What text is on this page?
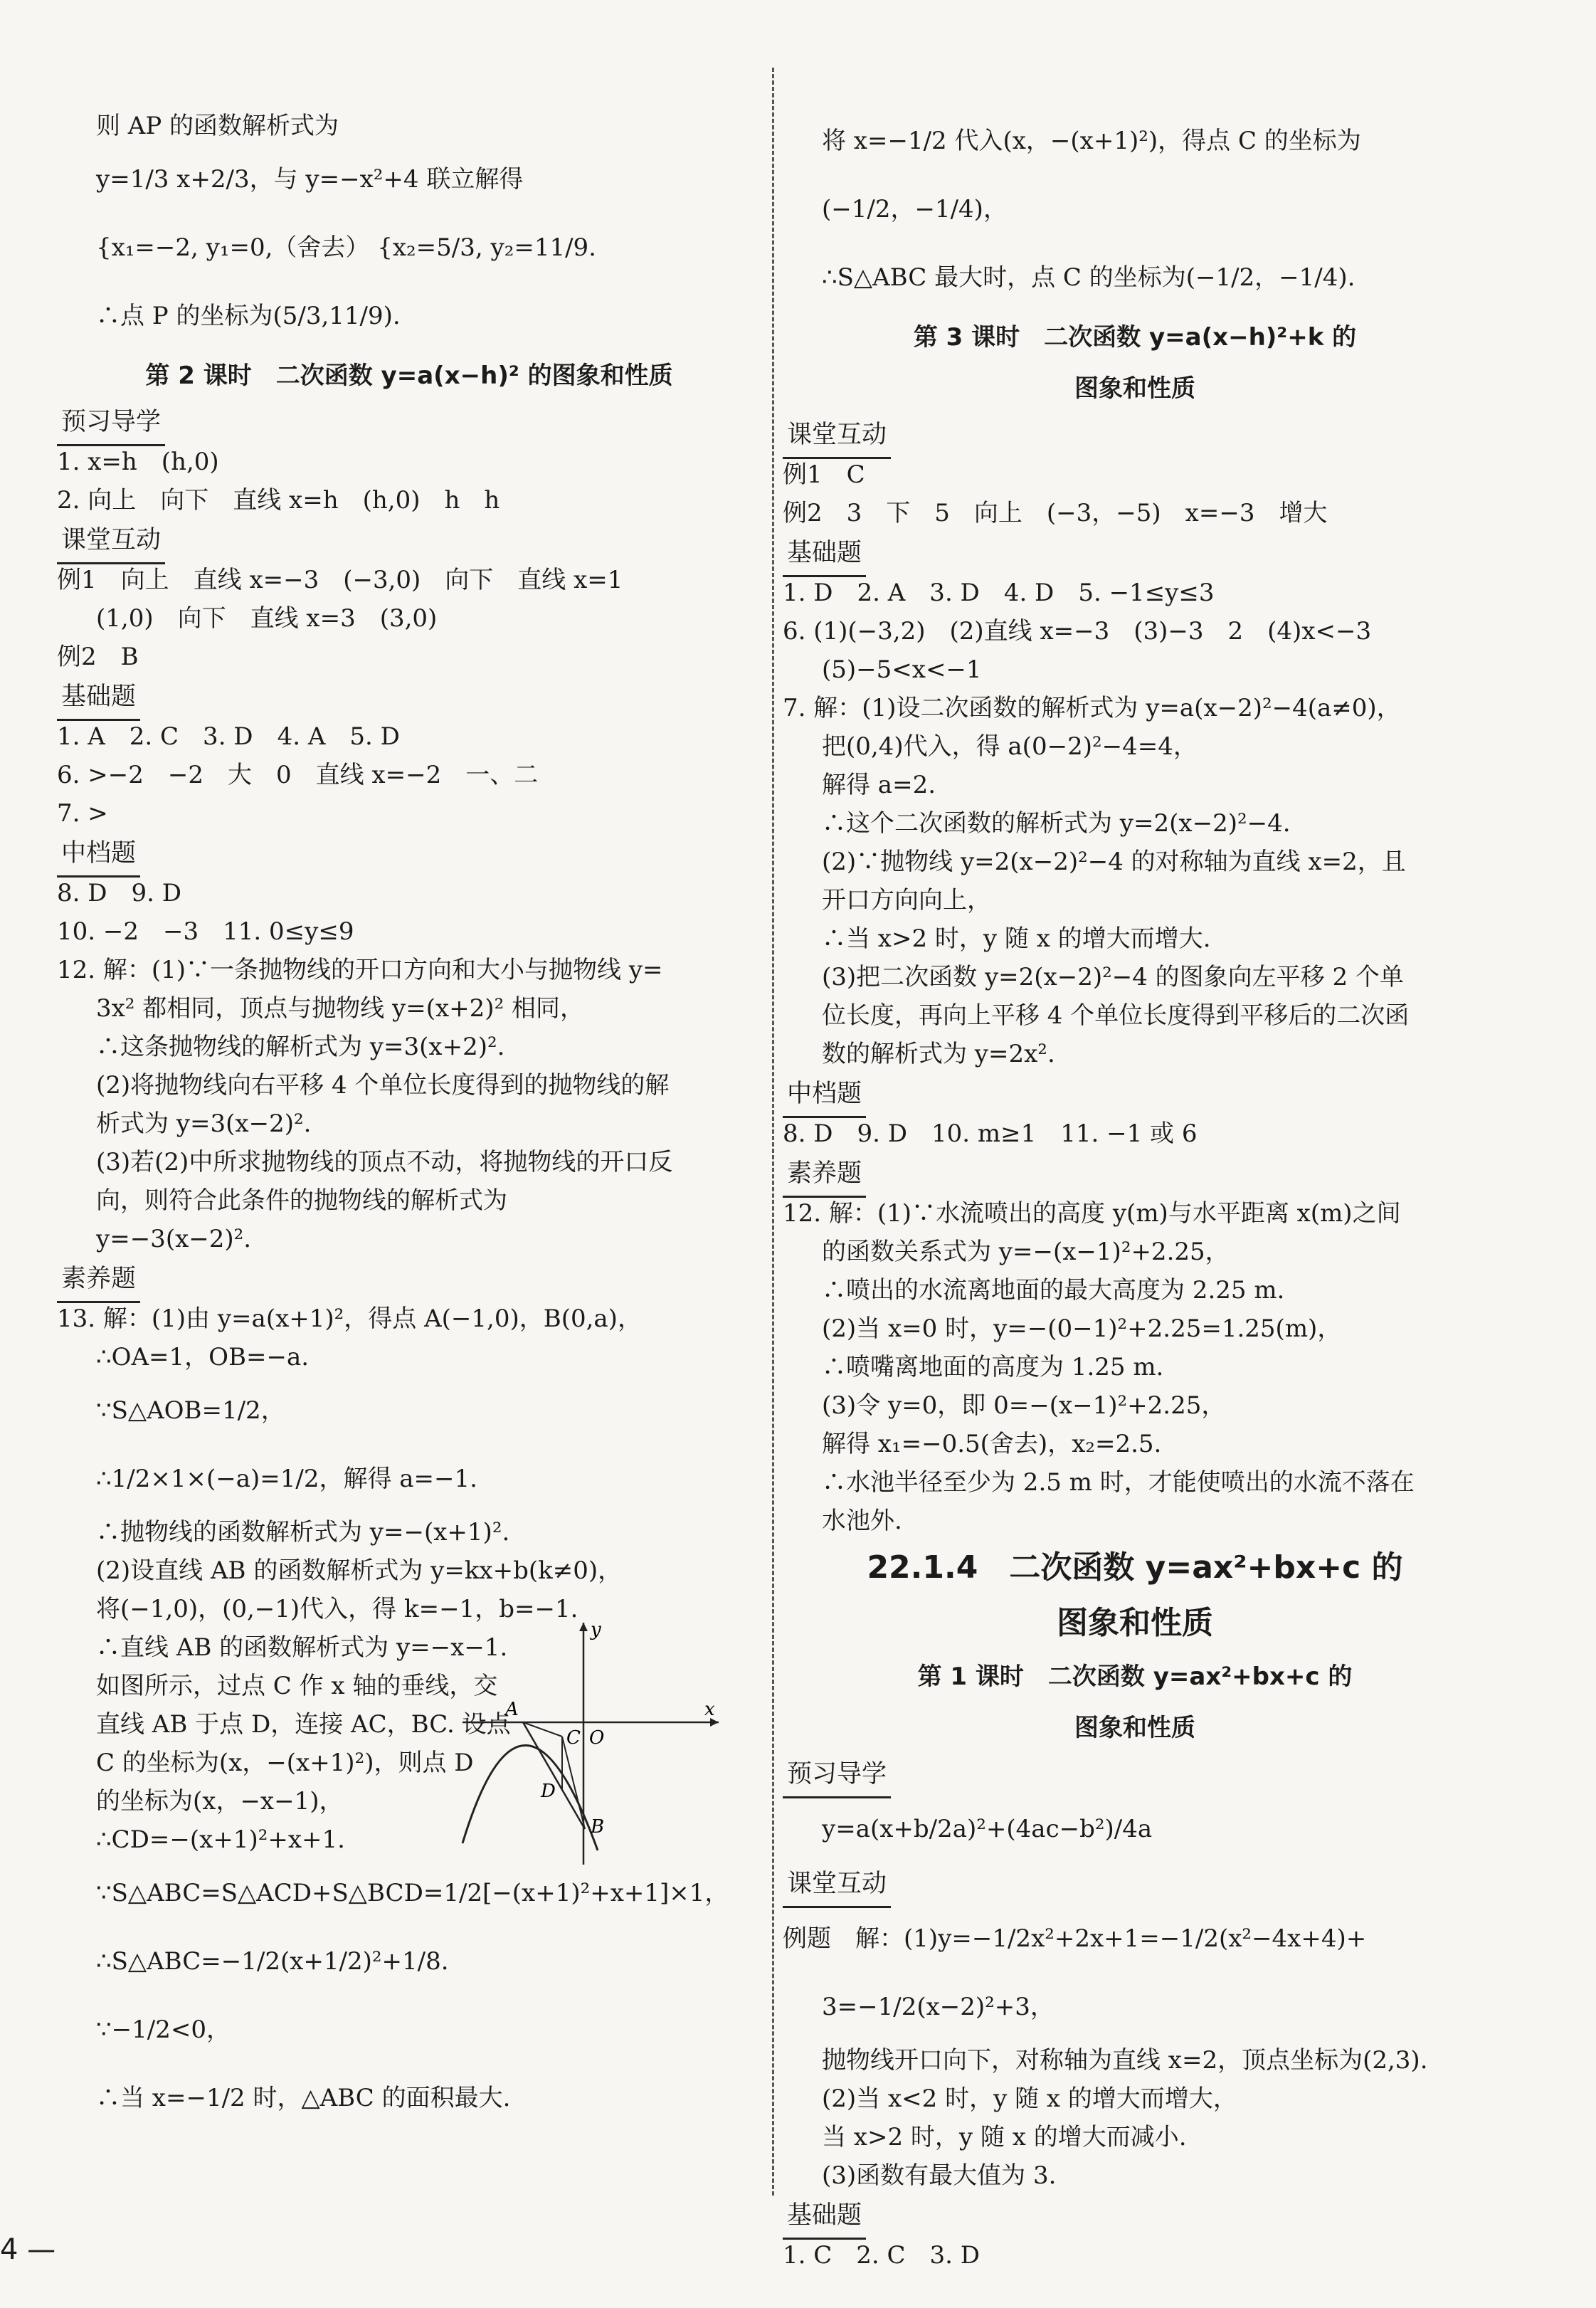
则 AP 的函数解析式为
y=1/3 x+2/3，与 y=−x²+4 联立解得
{x₁=−2, y₁=0,（舍去） {x₂=5/3, y₂=11/9.
∴点 P 的坐标为(5/3,11/9).
第 2 课时　二次函数 y=a(x−h)² 的图象和性质
预习导学
1. x=h　(h,0)
2. 向上　向下　直线 x=h　(h,0)　h　h
课堂互动
例1　向上　直线 x=−3　(−3,0)　向下　直线 x=1
(1,0)　向下　直线 x=3　(3,0)
例2　B
基础题
1. A　2. C　3. D　4. A　5. D
6. >−2　−2　大　0　直线 x=−2　一、二
7. >
中档题
8. D　9. D
10. −2　−3　11. 0≤y≤9
12. 解：(1)∵一条抛物线的开口方向和大小与抛物线 y=
3x² 都相同，顶点与抛物线 y=(x+2)² 相同，
∴这条抛物线的解析式为 y=3(x+2)².
(2)将抛物线向右平移 4 个单位长度得到的抛物线的解
析式为 y=3(x−2)².
(3)若(2)中所求抛物线的顶点不动，将抛物线的开口反
向，则符合此条件的抛物线的解析式为
y=−3(x−2)².
素养题
13. 解：(1)由 y=a(x+1)²，得点 A(−1,0)，B(0,a)，
∴OA=1，OB=−a.
∵S△AOB=1/2，
∴1/2×1×(−a)=1/2，解得 a=−1.
∴抛物线的函数解析式为 y=−(x+1)².
(2)设直线 AB 的函数解析式为 y=kx+b(k≠0)，
将(−1,0)，(0,−1)代入，得 k=−1，b=−1.
∴直线 AB 的函数解析式为 y=−x−1.
如图所示，过点 C 作 x 轴的垂线，交
直线 AB 于点 D，连接 AC，BC. 设点
C 的坐标为(x，−(x+1)²)，则点 D
的坐标为(x，−x−1)，
∴CD=−(x+1)²+x+1.
∵S△ABC=S△ACD+S△BCD=1/2[−(x+1)²+x+1]×1，
∴S△ABC=−1/2(x+1/2)²+1/8.
∵−1/2<0，
∴当 x=−1/2 时，△ABC 的面积最大.
将 x=−1/2 代入(x，−(x+1)²)，得点 C 的坐标为
(−1/2，−1/4)，
∴S△ABC 最大时，点 C 的坐标为(−1/2，−1/4).
第 3 课时　二次函数 y=a(x−h)²+k 的
图象和性质
课堂互动
例1　C
例2　3　下　5　向上　(−3，−5)　x=−3　增大
基础题
1. D　2. A　3. D　4. D　5. −1≤y≤3
6. (1)(−3,2)　(2)直线 x=−3　(3)−3　2　(4)x<−3
(5)−5<x<−1
7. 解：(1)设二次函数的解析式为 y=a(x−2)²−4(a≠0)，
把(0,4)代入，得 a(0−2)²−4=4，
解得 a=2.
∴这个二次函数的解析式为 y=2(x−2)²−4.
(2)∵抛物线 y=2(x−2)²−4 的对称轴为直线 x=2，且
开口方向向上，
∴当 x>2 时，y 随 x 的增大而增大.
(3)把二次函数 y=2(x−2)²−4 的图象向左平移 2 个单
位长度，再向上平移 4 个单位长度得到平移后的二次函
数的解析式为 y=2x².
中档题
8. D　9. D　10. m≥1　11. −1 或 6
素养题
12. 解：(1)∵水流喷出的高度 y(m)与水平距离 x(m)之间
的函数关系式为 y=−(x−1)²+2.25，
∴喷出的水流离地面的最大高度为 2.25 m.
(2)当 x=0 时，y=−(0−1)²+2.25=1.25(m)，
∴喷嘴离地面的高度为 1.25 m.
(3)令 y=0，即 0=−(x−1)²+2.25，
解得 x₁=−0.5(舍去)，x₂=2.5.
∴水池半径至少为 2.5 m 时，才能使喷出的水流不落在
水池外.
22.1.4　二次函数 y=ax²+bx+c 的
图象和性质
第 1 课时　二次函数 y=ax²+bx+c 的
图象和性质
预习导学
y=a(x+b/2a)²+(4ac−b²)/4a
课堂互动
例题　解：(1)y=−1/2x²+2x+1=−1/2(x²−4x+4)+
3=−1/2(x−2)²+3，
抛物线开口向下，对称轴为直线 x=2，顶点坐标为(2,3).
(2)当 x<2 时，y 随 x 的增大而增大，
当 x>2 时，y 随 x 的增大而减小.
(3)函数有最大值为 3.
基础题
1. C　2. C　3. D
x
y
O
A
B
C
D
4 —
